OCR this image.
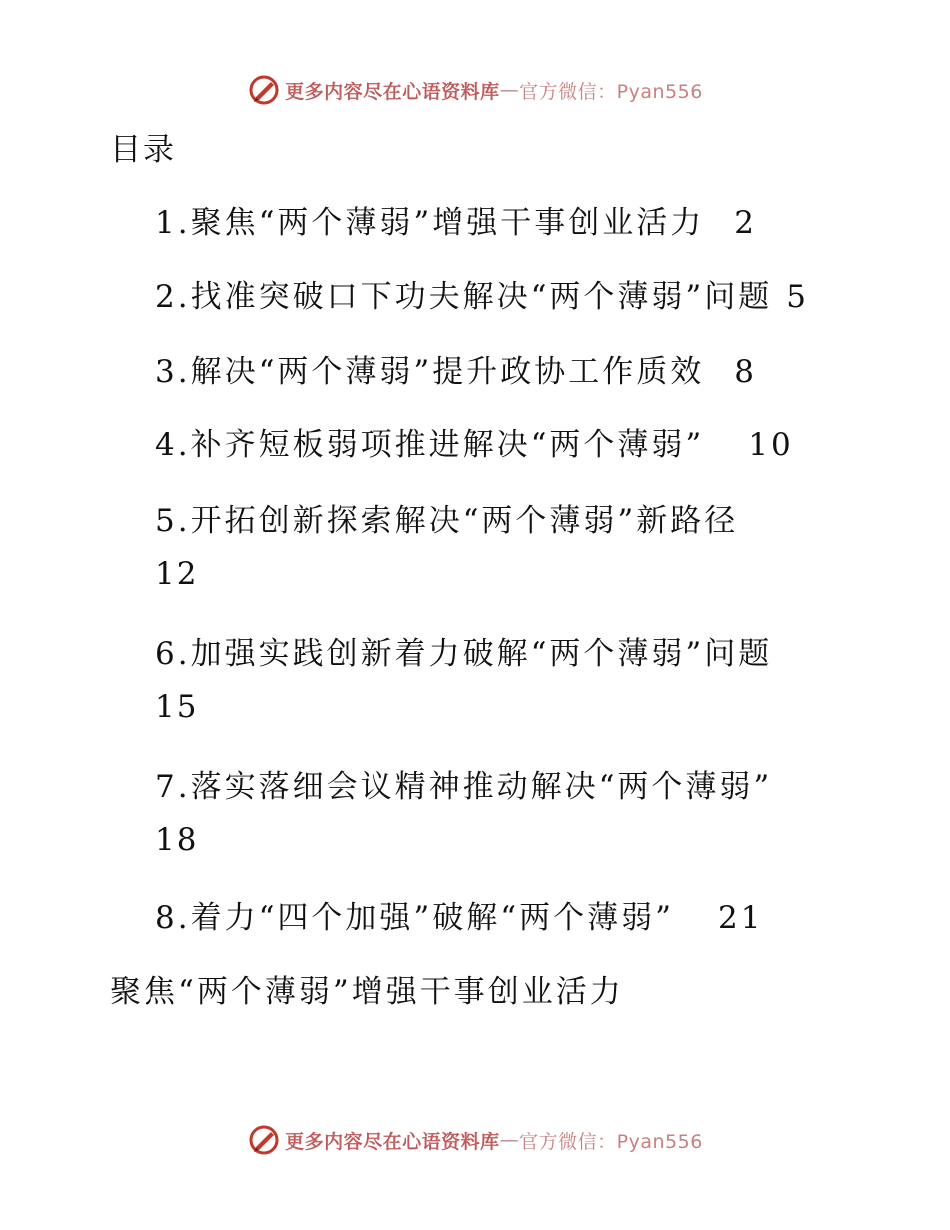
更多内容尽在心语资料库 — 官方微信：Pyan556
目录
1.聚焦“两个薄弱”增强干事创业活力 2
2.找准突破口下功夫解决“两个薄弱”问题 5
3.解决“两个薄弱”提升政协工作质效 8
4.补齐短板弱项推进解决“两个薄弱” 10
5.开拓创新探索解决“两个薄弱”新路径
12
6.加强实践创新着力破解“两个薄弱”问题
15
7.落实落细会议精神推动解决“两个薄弱”
18
8.着力“四个加强”破解“两个薄弱” 21
聚焦“两个薄弱”增强干事创业活力
更多内容尽在心语资料库 — 官方微信：Pyan556
